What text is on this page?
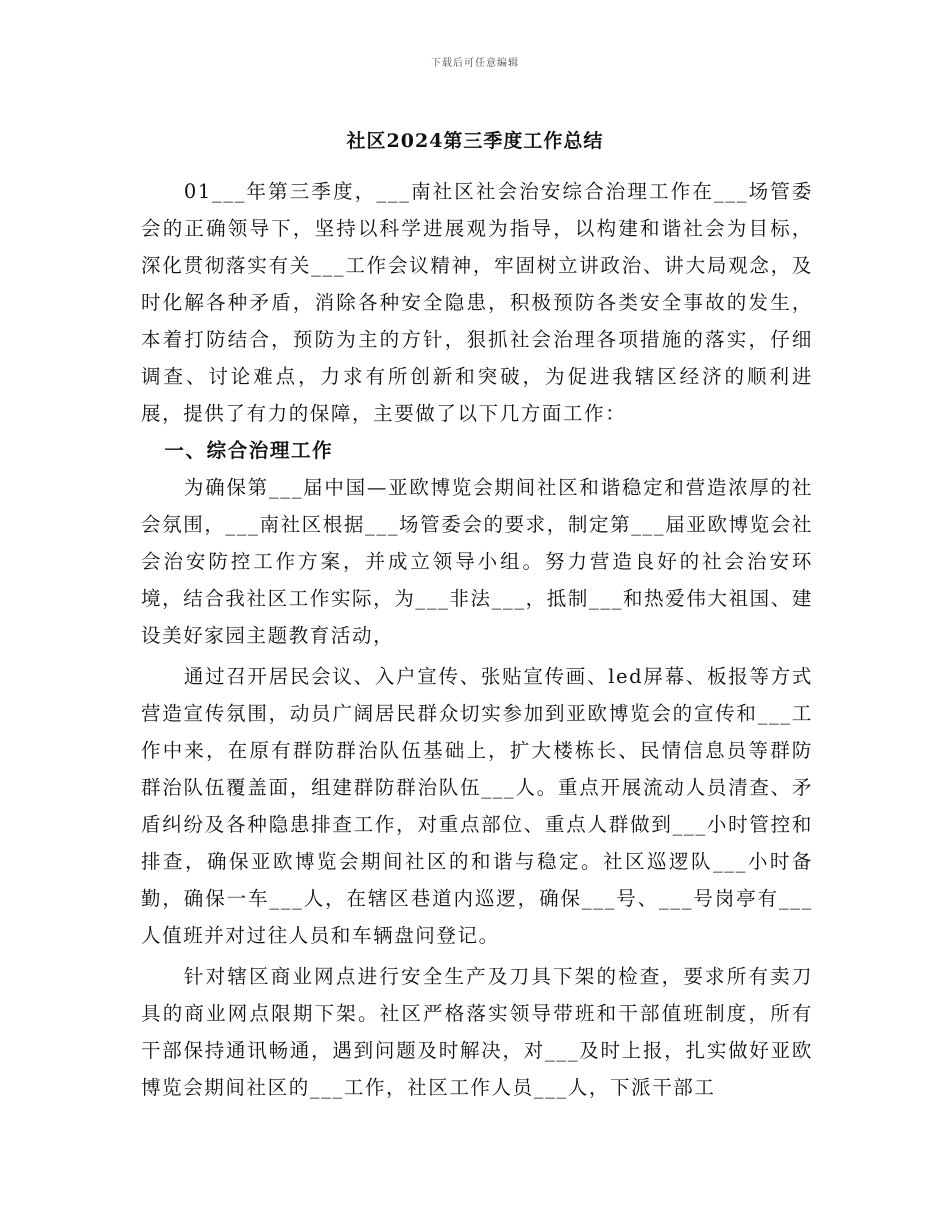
下载后可任意编辑
社区2024第三季度工作总结

01___年第三季度，___南社区社会治安综合治理工作在___场管委会的正确领导下，坚持以科学进展观为指导，以构建和谐社会为目标，深化贯彻落实有关___工作会议精神，牢固树立讲政治、讲大局观念，及时化解各种矛盾，消除各种安全隐患，积极预防各类安全事故的发生，本着打防结合，预防为主的方针，狠抓社会治理各项措施的落实，仔细调查、讨论难点，力求有所创新和突破，为促进我辖区经济的顺利进展，提供了有力的保障，主要做了以下几方面工作：

一、综合治理工作

为确保第___届中国—亚欧博览会期间社区和谐稳定和营造浓厚的社会氛围，___南社区根据___场管委会的要求，制定第___届亚欧博览会社会治安防控工作方案，并成立领导小组。努力营造良好的社会治安环境，结合我社区工作实际，为___非法___，抵制___和热爱伟大祖国、建设美好家园主题教育活动，

通过召开居民会议、入户宣传、张贴宣传画、led屏幕、板报等方式营造宣传氛围，动员广阔居民群众切实参加到亚欧博览会的宣传和___工作中来，在原有群防群治队伍基础上，扩大楼栋长、民情信息员等群防群治队伍覆盖面，组建群防群治队伍___人。重点开展流动人员清查、矛盾纠纷及各种隐患排查工作，对重点部位、重点人群做到___小时管控和排查，确保亚欧博览会期间社区的和谐与稳定。社区巡逻队___小时备勤，确保一车___人，在辖区巷道内巡逻，确保___号、___号岗亭有___人值班并对过往人员和车辆盘问登记。

针对辖区商业网点进行安全生产及刀具下架的检查，要求所有卖刀具的商业网点限期下架。社区严格落实领导带班和干部值班制度，所有干部保持通讯畅通，遇到问题及时解决，对___及时上报，扎实做好亚欧博览会期间社区的___工作，社区工作人员___人，下派干部工
